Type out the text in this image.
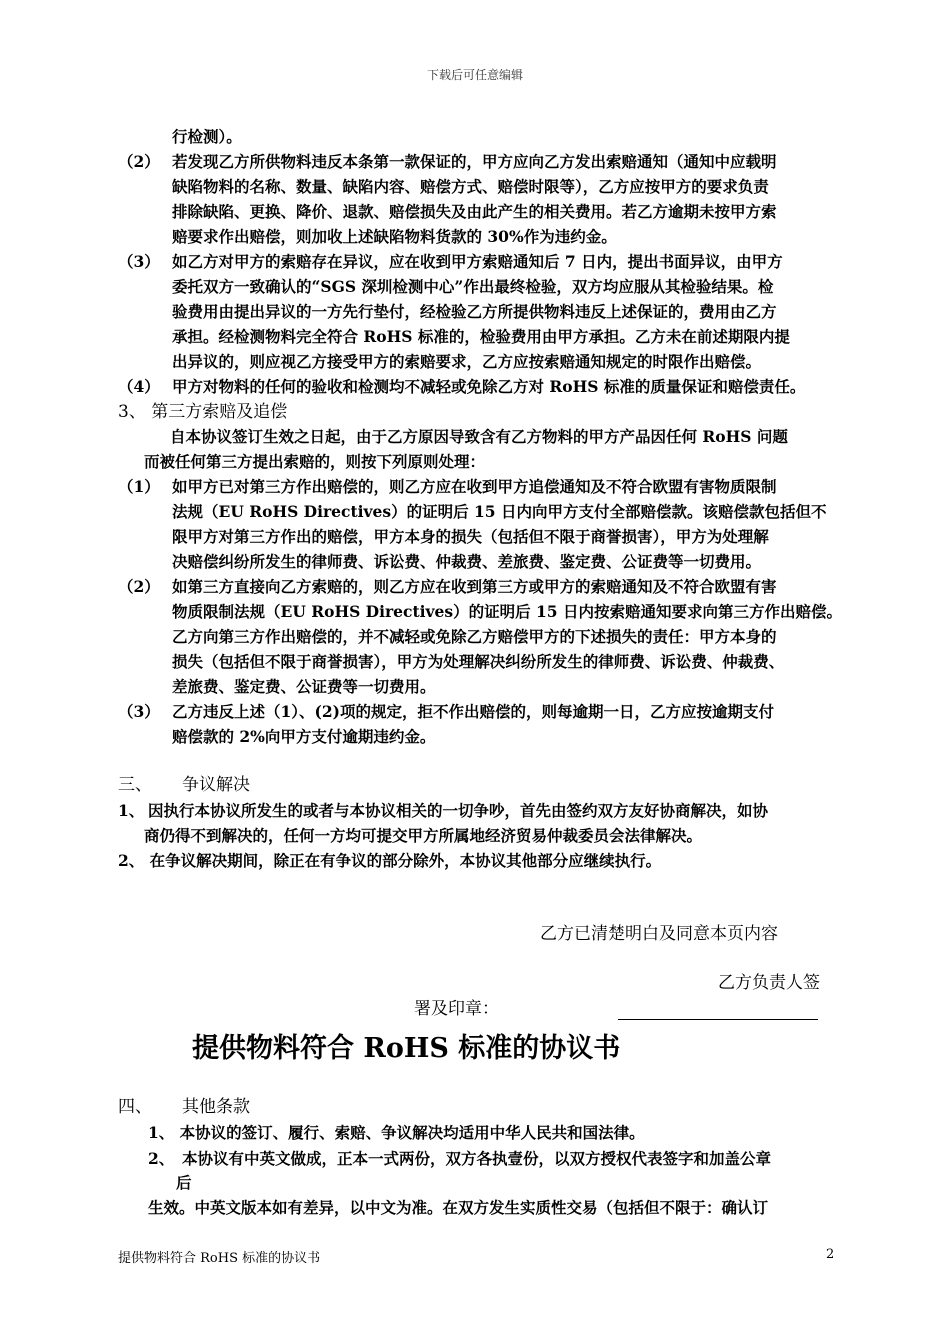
下载后可任意编辑
行检测）。
（2） 若发现乙方所供物料违反本条第一款保证的，甲方应向乙方发出索赔通知（通知中应载明
缺陷物料的名称、数量、缺陷内容、赔偿方式、赔偿时限等），乙方应按甲方的要求负责
排除缺陷、更换、降价、退款、赔偿损失及由此产生的相关费用。若乙方逾期未按甲方索
赔要求作出赔偿，则加收上述缺陷物料货款的 30%作为违约金。
（3） 如乙方对甲方的索赔存在异议，应在收到甲方索赔通知后 7 日内，提出书面异议，由甲方
委托双方一致确认的“SGS 深圳检测中心”作出最终检验，双方均应服从其检验结果。检
验费用由提出异议的一方先行垫付，经检验乙方所提供物料违反上述保证的，费用由乙方
承担。经检测物料完全符合 RoHS 标准的，检验费用由甲方承担。乙方未在前述期限内提
出异议的，则应视乙方接受甲方的索赔要求，乙方应按索赔通知规定的时限作出赔偿。
（4） 甲方对物料的任何的验收和检测均不减轻或免除乙方对 RoHS 标准的质量保证和赔偿责任。
3、 第三方索赔及追偿
自本协议签订生效之日起，由于乙方原因导致含有乙方物料的甲方产品因任何 RoHS 问题
而被任何第三方提出索赔的，则按下列原则处理：
（1） 如甲方已对第三方作出赔偿的，则乙方应在收到甲方追偿通知及不符合欧盟有害物质限制
法规（EU RoHS Directives）的证明后 15 日内向甲方支付全部赔偿款。该赔偿款包括但不
限甲方对第三方作出的赔偿，甲方本身的损失（包括但不限于商誉损害），甲方为处理解
决赔偿纠纷所发生的律师费、诉讼费、仲裁费、差旅费、鉴定费、公证费等一切费用。
（2） 如第三方直接向乙方索赔的，则乙方应在收到第三方或甲方的索赔通知及不符合欧盟有害
物质限制法规（EU RoHS Directives）的证明后 15 日内按索赔通知要求向第三方作出赔偿。
乙方向第三方作出赔偿的，并不减轻或免除乙方赔偿甲方的下述损失的责任：甲方本身的
损失（包括但不限于商誉损害），甲方为处理解决纠纷所发生的律师费、诉讼费、仲裁费、
差旅费、鉴定费、公证费等一切费用。
（3） 乙方违反上述（1）、(2)项的规定，拒不作出赔偿的，则每逾期一日，乙方应按逾期支付
赔偿款的 2%向甲方支付逾期违约金。
三、 争议解决
1、 因执行本协议所发生的或者与本协议相关的一切争吵，首先由签约双方友好协商解决，如协
商仍得不到解决的，任何一方均可提交甲方所属地经济贸易仲裁委员会法律解决。
2、 在争议解决期间，除正在有争议的部分除外，本协议其他部分应继续执行。
乙方已清楚明白及同意本页内容
乙方负责人签
署及印章：
提供物料符合 RoHS 标准的协议书
四、 其他条款
1、 本协议的签订、履行、索赔、争议解决均适用中华人民共和国法律。
2、 本协议有中英文做成，正本一式两份，双方各执壹份，以双方授权代表签字和加盖公章
后
生效。中英文版本如有差异，以中文为准。在双方发生实质性交易（包括但不限于：确认订
提供物料符合 RoHS 标准的协议书	2
